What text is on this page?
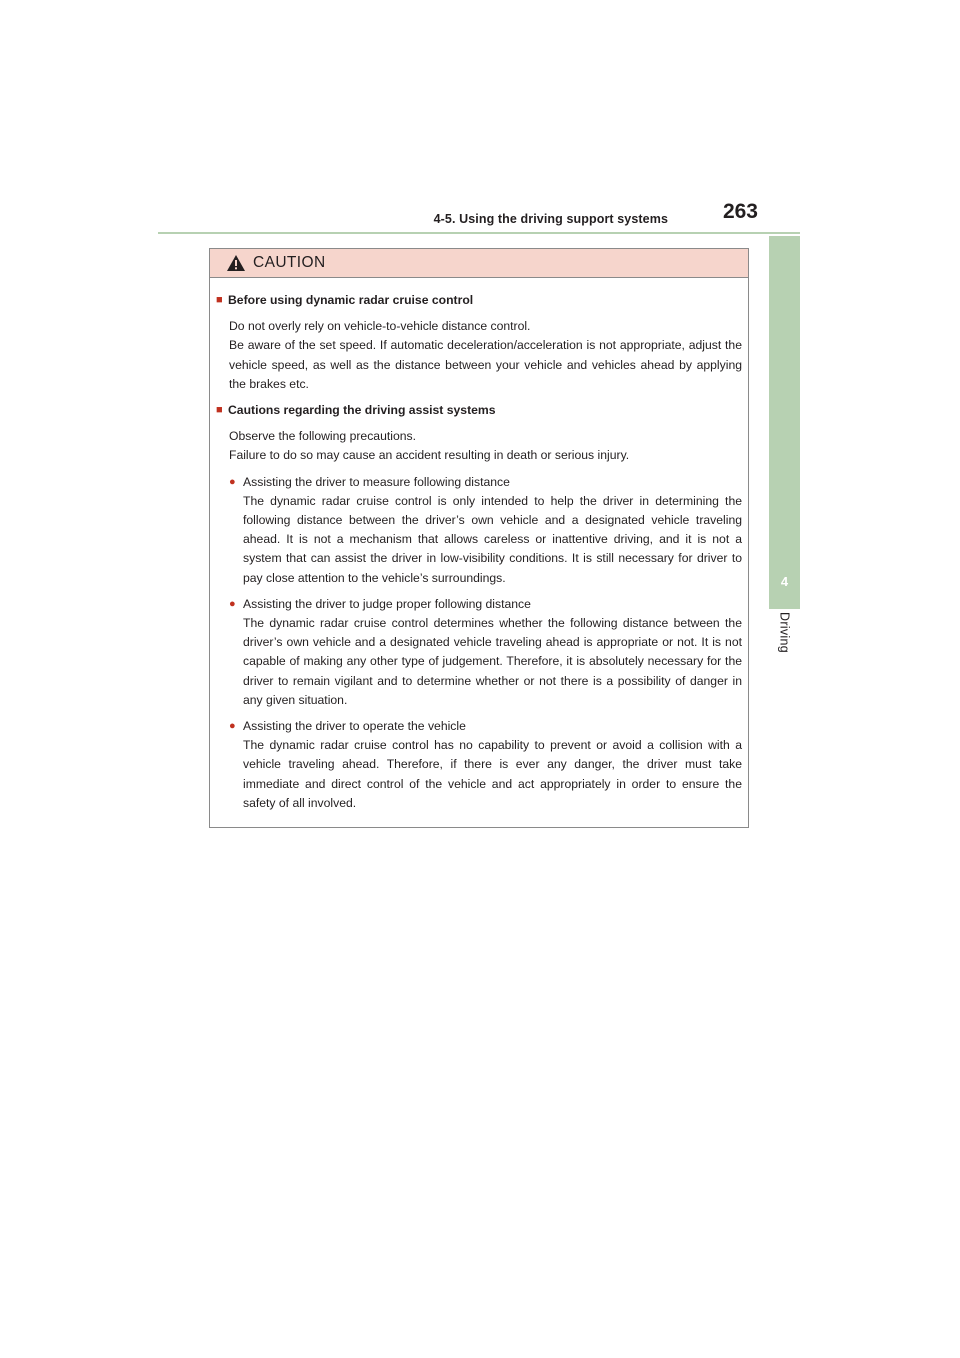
4-5. Using the driving support systems	263
4
Driving
CAUTION
■ Before using dynamic radar cruise control

Do not overly rely on vehicle-to-vehicle distance control.

Be aware of the set speed. If automatic deceleration/acceleration is not appropriate, adjust the vehicle speed, as well as the distance between your vehicle and vehicles ahead by applying the brakes etc.

■ Cautions regarding the driving assist systems

Observe the following precautions.

Failure to do so may cause an accident resulting in death or serious injury.

● Assisting the driver to measure following distance
The dynamic radar cruise control is only intended to help the driver in determining the following distance between the driver’s own vehicle and a designated vehicle traveling ahead. It is not a mechanism that allows careless or inattentive driving, and it is not a system that can assist the driver in low-visibility conditions. It is still necessary for driver to pay close attention to the vehicle’s surroundings.
● Assisting the driver to judge proper following distance
The dynamic radar cruise control determines whether the following distance between the driver’s own vehicle and a designated vehicle traveling ahead is appropriate or not. It is not capable of making any other type of judgement. Therefore, it is absolutely necessary for the driver to remain vigilant and to determine whether or not there is a possibility of danger in any given situation.
● Assisting the driver to operate the vehicle
The dynamic radar cruise control has no capability to prevent or avoid a collision with a vehicle traveling ahead. Therefore, if there is ever any danger, the driver must take immediate and direct control of the vehicle and act appropriately in order to ensure the safety of all involved.
